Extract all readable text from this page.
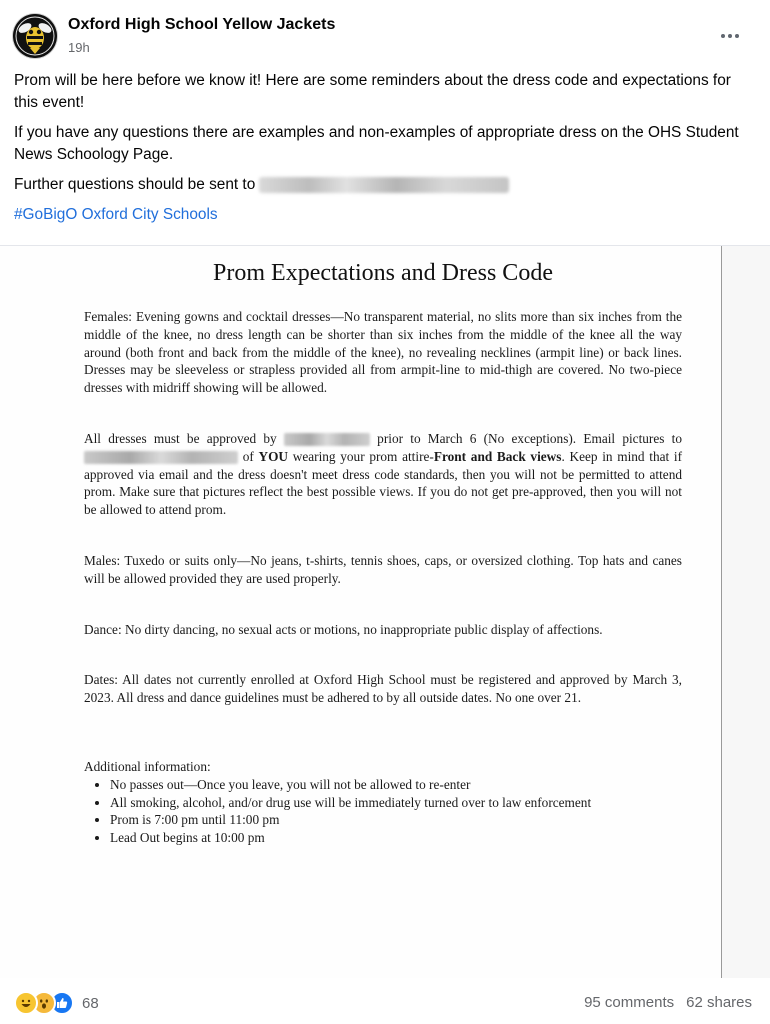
Oxford High School Yellow Jackets
19h

Prom will be here before we know it! Here are some reminders about the dress code and expectations for this event!

If you have any questions there are examples and non-examples of appropriate dress on the OHS Student News Schoology Page.

Further questions should be sent to

#GoBigO Oxford City Schools

Prom Expectations and Dress Code

Females: Evening gowns and cocktail dresses—No transparent material, no slits more than six inches from the middle of the knee, no dress length can be shorter than six inches from the middle of the knee all the way around (both front and back from the middle of the knee), no revealing necklines (armpit line) or back lines. Dresses may be sleeveless or strapless provided all from armpit-line to mid-thigh are covered. No two-piece dresses with midriff showing will be allowed.

All dresses must be approved by	prior to March 6 (No exceptions). Email pictures to  of YOU wearing your prom attire-Front and Back views. Keep in mind that if approved via email and the dress doesn't meet dress code standards, then you will not be permitted to attend prom. Make sure that pictures reflect the best possible views. If you do not get pre-approved, then you will not be allowed to attend prom.

Males: Tuxedo or suits only—No jeans, t-shirts, tennis shoes, caps, or oversized clothing. Top hats and canes will be allowed provided they are used properly.

Dance: No dirty dancing, no sexual acts or motions, no inappropriate public display of affections.

Dates: All dates not currently enrolled at Oxford High School must be registered and approved by March 3, 2023. All dress and dance guidelines must be adhered to by all outside dates. No one over 21.

Additional information:

• No passes out—Once you leave, you will not be allowed to re-enter
• All smoking, alcohol, and/or drug use will be immediately turned over to law enforcement
• Prom is 7:00 pm until 11:00 pm
• Lead Out begins at 10:00 pm
68	95 comments 62 shares
